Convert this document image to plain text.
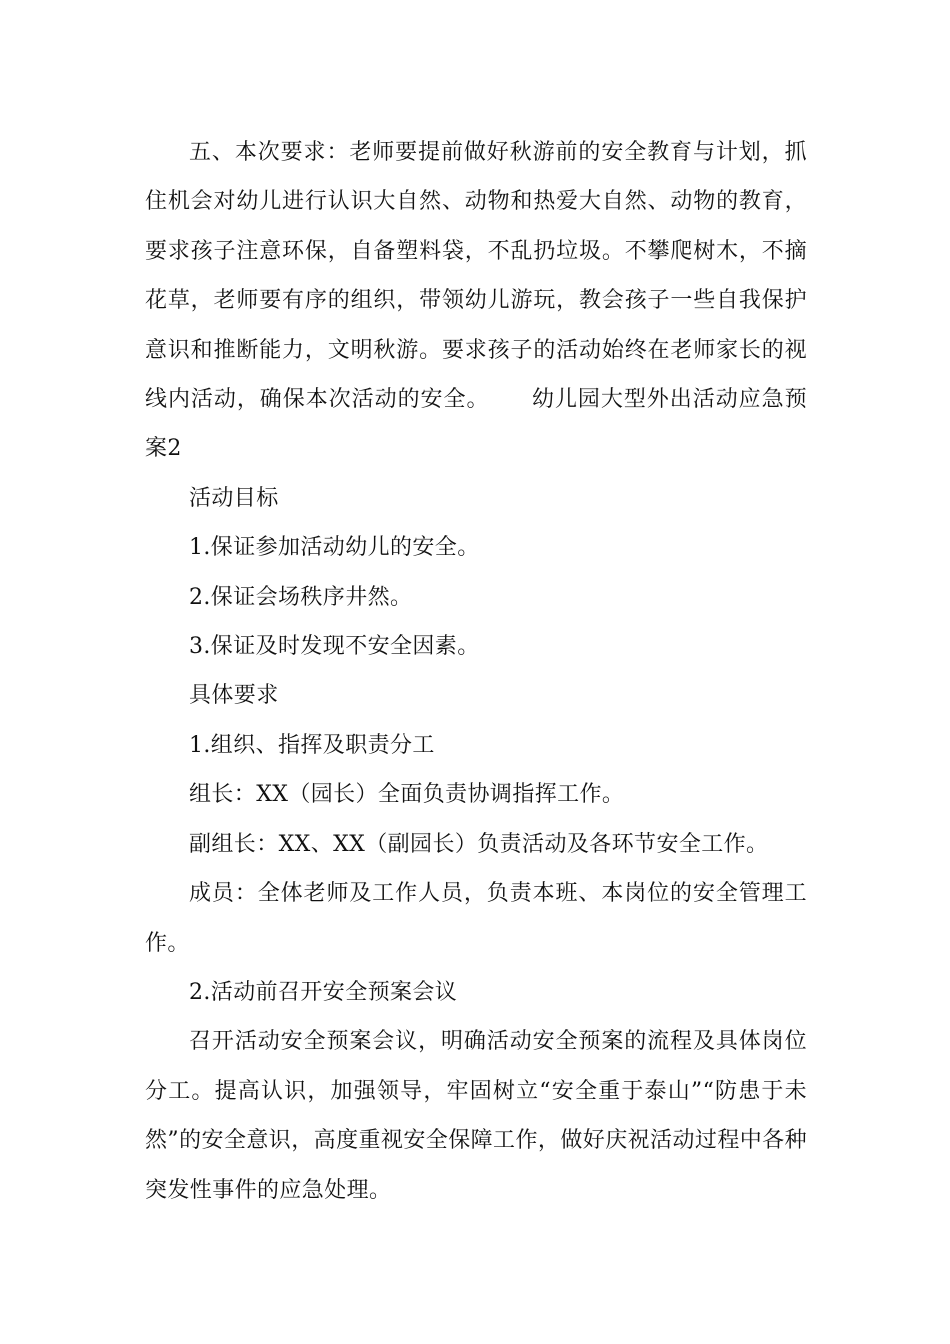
五、本次要求：老师要提前做好秋游前的安全教育与计划，抓住机会对幼儿进行认识大自然、动物和热爱大自然、动物的教育，要求孩子注意环保，自备塑料袋，不乱扔垃圾。不攀爬树木，不摘花草，老师要有序的组织，带领幼儿游玩，教会孩子一些自我保护意识和推断能力，文明秋游。要求孩子的活动始终在老师家长的视线内活动，确保本次活动的安全。 幼儿园大型外出活动应急预案2

活动目标

1.保证参加活动幼儿的安全。

2.保证会场秩序井然。

3.保证及时发现不安全因素。

具体要求

1.组织、指挥及职责分工

组长：XX（园长）全面负责协调指挥工作。

副组长：XX、XX（副园长）负责活动及各环节安全工作。

成员：全体老师及工作人员，负责本班、本岗位的安全管理工作。

2.活动前召开安全预案会议

召开活动安全预案会议，明确活动安全预案的流程及具体岗位分工。提高认识，加强领导，牢固树立“安全重于泰山”“防患于未然”的安全意识，高度重视安全保障工作，做好庆祝活动过程中各种突发性事件的应急处理。
